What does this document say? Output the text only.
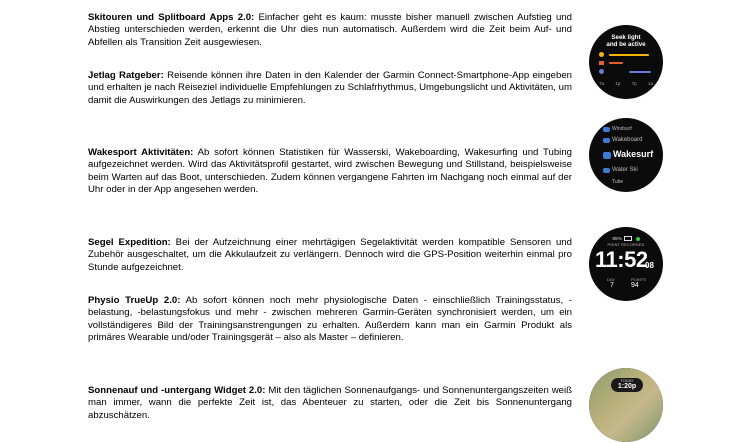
Skitouren und Splitboard Apps 2.0: Einfacher geht es kaum: musste bisher manuell zwischen Aufstieg und Abstieg unterschieden werden, erkennt die Uhr dies nun automatisch. Außerdem wird die Zeit beim Auf- und Abfellen als Transition Zeit ausgewiesen.
Jetlag Ratgeber: Reisende können ihre Daten in den Kalender der Garmin Connect-Smartphone-App eingeben und erhalten je nach Reiseziel individuelle Empfehlungen zu Schlafrhythmus, Umgebungslicht und Aktivitäten, um damit die Auswirkungen des Jetlags zu minimieren.
Wakesport Aktivitäten: Ab sofort können Statistiken für Wasserski, Wakeboarding, Wakesurfing und Tubing aufgezeichnet werden. Wird das Aktivitätsprofil gestartet, wird zwischen Bewegung und Stillstand, beispielsweise beim Warten auf das Boot, unterschieden. Zudem können vergangene Fahrten im Nachgang noch einmal auf der Uhr oder in der App angesehen werden.
Segel Expedition: Bei der Aufzeichnung einer mehrtägigen Segelaktivität werden kompatible Sensoren und Zubehör ausgeschaltet, um die Akkulaufzeit zu verlängern. Dennoch wird die GPS-Position weiterhin einmal pro Stunde aufgezeichnet.
Physio TrueUp 2.0: Ab sofort können noch mehr physiologische Daten - einschließlich Trainingsstatus, -belastung, -belastungsfokus und mehr - zwischen mehreren Garmin-Geräten synchronisiert werden, um ein vollständigeres Bild der Trainingsanstrengungen zu erhalten. Außerdem kann man ein Garmin Produkt als primäres Wearable und/oder Trainingsgerät – also als Master – definieren.
Sonnenauf und -untergang Widget 2.0: Mit den täglichen Sonnenaufgangs- und Sonnenuntergangszeiten weiß man immer, wann die perfekte Zeit ist, das Abenteuer zu starten, oder die Zeit bis Sonnenuntergang abzuschätzen.
Seek light
and be active
7a	1p	7p	1a
Windsurf
Wakeboard
Wakesurf
Water Ski
Tube
85%
POINT RECORDED
11:52
08
DAY
7
POINTS
94
TODAY
1:20p
